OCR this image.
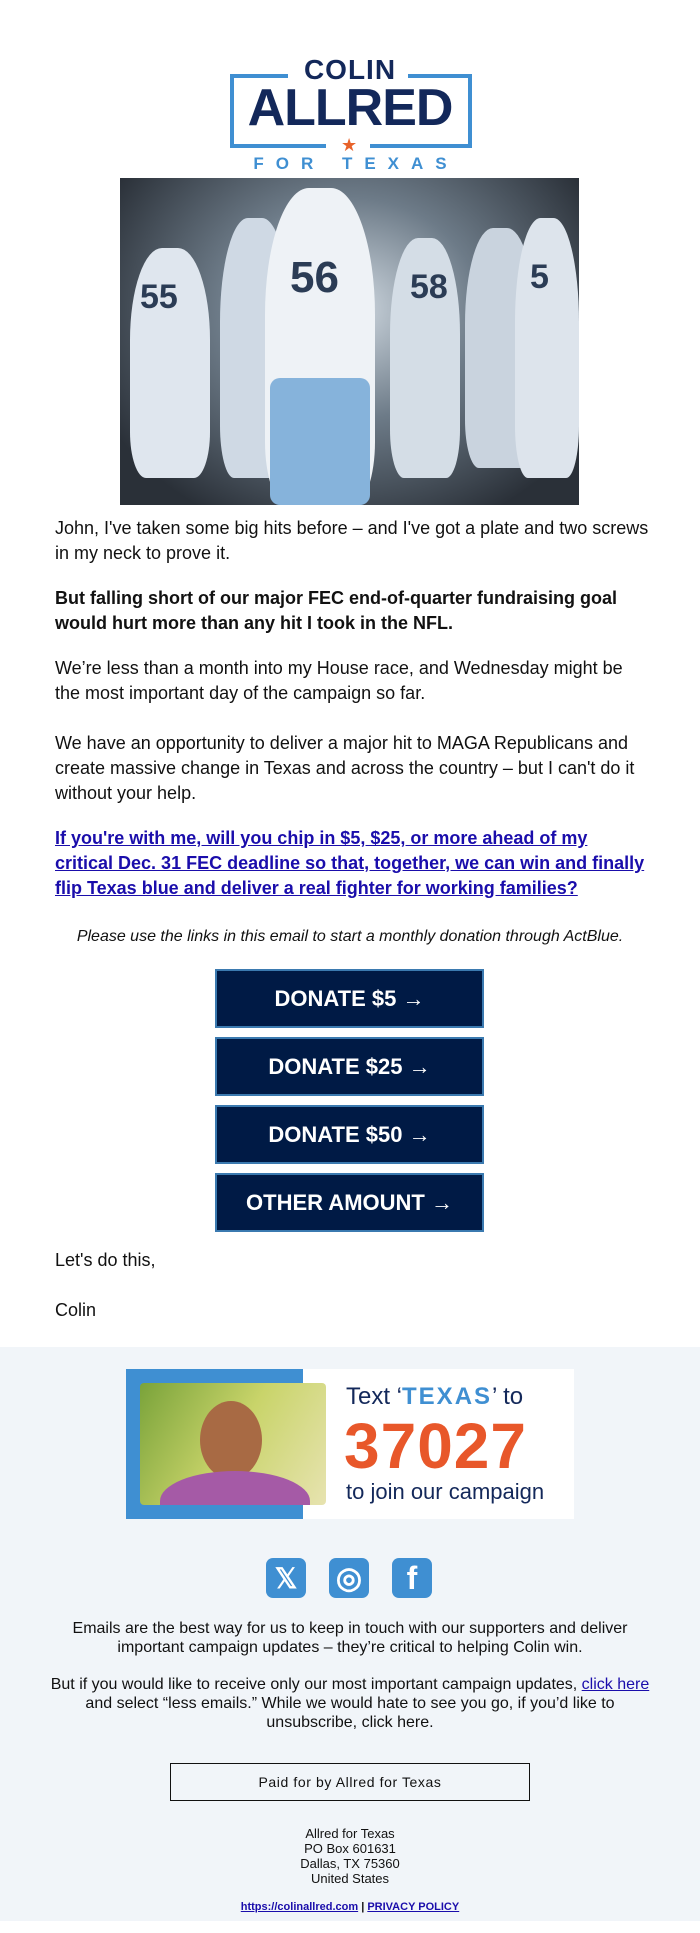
COLIN
ALLRED
★
FOR TEXAS
55	56 58 5

John, I've taken some big hits before – and I've got a plate and two screws in my neck to prove it.

But falling short of our major FEC end-of-quarter fundraising goal would hurt more than any hit I took in the NFL.

We’re less than a month into my House race, and Wednesday might be the most important day of the campaign so far.

We have an opportunity to deliver a major hit to MAGA Republicans and create massive change in Texas and across the country – but I can't do it without your help.

If you're with me, will you chip in $5, $25, or more ahead of my critical Dec. 31 FEC deadline so that, together, we can win and finally flip Texas blue and deliver a real fighter for working families?

Please use the links in this email to start a monthly donation through ActBlue.
DONATE $5 →
DONATE $25 →
DONATE $50 →
OTHER AMOUNT →

Let's do this,

Colin

Text ‘TEXAS’ to
37027
to join our campaign
𝕏 ◎	f

Emails are the best way for us to keep in touch with our supporters and deliver important campaign updates – they’re critical to helping Colin win.

But if you would like to receive only our most important campaign updates, click here and select “less emails.” While we would hate to see you go, if you’d like to unsubscribe, click here.

Paid for by Allred for Texas
Allred for Texas
PO Box 601631
Dallas, TX 75360
United States
https://colinallred.com | PRIVACY POLICY
